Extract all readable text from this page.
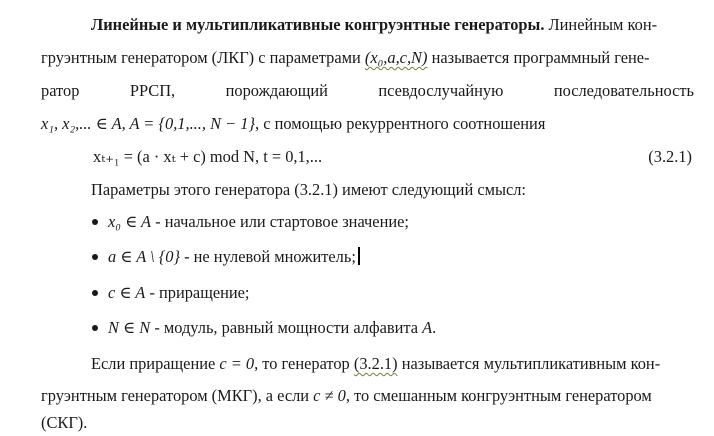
Линейные и мультипликативные конгруэнтные генераторы. Линейным кон-
груэнтным генератором (ЛКГ) с параметрами (x₀,a,c,N) называется программный гене-
ратор РРСП, порождающий псевдослучайную последовательность
x₁, x₂,... ∈ A, A = {0,1,..., N − 1}, с помощью рекуррентного соотношения
xₜ₊₁ = (a · xₜ + c) mod N, t = 0,1,...	(3.2.1)
Параметры этого генератора (3.2.1) имеют следующий смысл:
x₀ ∈ A - начальное или стартовое значение;
a ∈ A \ {0} - не нулевой множитель;
c ∈ A - приращение;
N ∈ N - модуль, равный мощности алфавита A.
Если приращение c = 0, то генератор (3.2.1) называется мультипликативным кон-
груэнтным генератором (МКГ), а если c ≠ 0, то смешанным конгруэнтным генератором
(СКГ).
